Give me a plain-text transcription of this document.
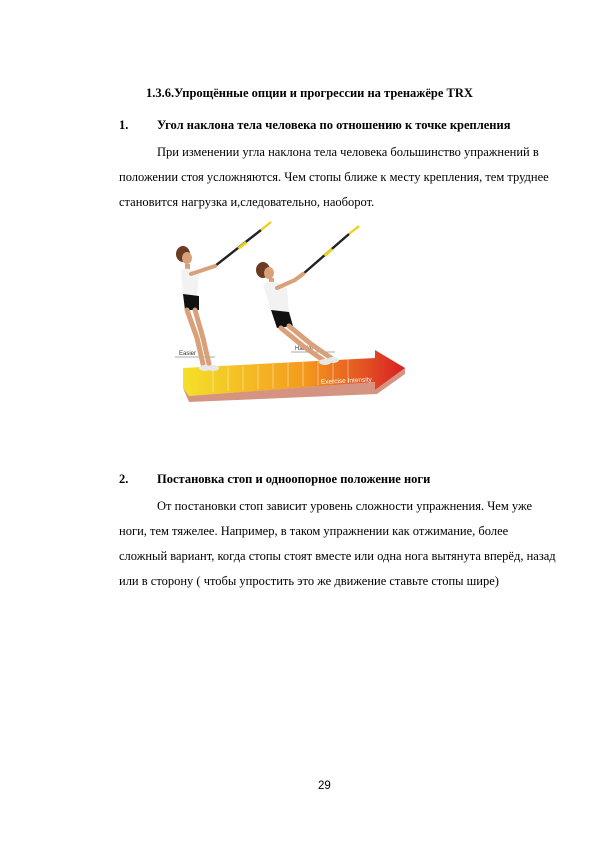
1.3.6.Упрощённые опции и прогрессии на тренажёре TRX
1. Угол наклона тела человека по отношению к точке крепления
При изменении угла наклона тела человека большинство упражнений в положении стоя усложняются. Чем стопы ближе к месту крепления, тем труднее становится нагрузка и,следовательно, наоборот.
Exercise Intensity
Easier
Harder
2. Постановка стоп и одноопорное положение ноги
От постановки стоп зависит уровень сложности упражнения. Чем уже ноги, тем тяжелее. Например, в таком упражнении как отжимание, более сложный вариант, когда стопы стоят вместе или одна нога вытянута вперёд, назад или в сторону ( чтобы упростить это же движение ставьте стопы шире)
29
